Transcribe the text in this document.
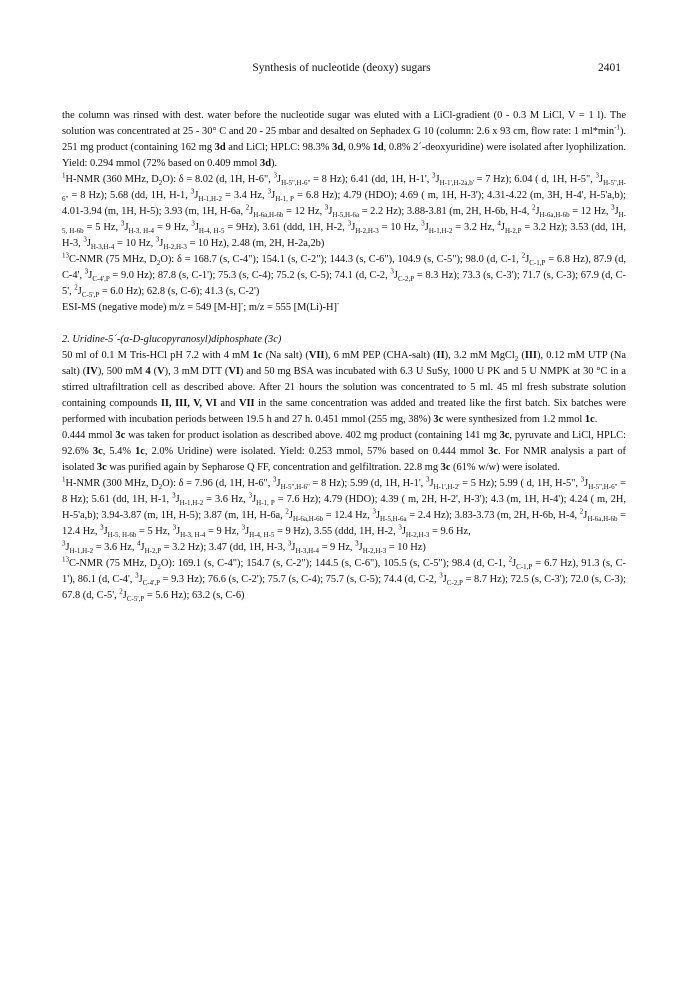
Synthesis of nucleotide (deoxy) sugars	2401

the column was rinsed with dest. water before the nucleotide sugar was eluted with a LiCl-gradient (0 - 0.3 M LiCl, V = 1 l). The solution was concentrated at 25 - 30° C and 20 - 25 mbar and desalted on Sephadex G 10 (column: 2.6 x 93 cm, flow rate: 1 $ml*\min^{-1}$). 251 mg product (containing 162 mg 3d and LiCl; HPLC: 98.3% 3d, 0.9% 1d, 0.8% 2´-deoxyuridine) were isolated after lyophilization. Yield: 0.294 mmol (72% based on 0.409 mmol 3d).

$^1$H-NMR (360 MHz, $D_2O$): δ = 8.02 (d, 1H, H-6", $^3J_{H-5",H-6"} = 8$ Hz); 6.41 (dd, 1H, H-1', $^3J_{H-1',H-2a,b'} = 7$ Hz); 6.04 ( d, 1H, H-5", $^3J_{H-5",H-6"} = 8$ Hz); 5.68 (dd, 1H, H-1, $^3J_{H-1,H-2} = 3.4$ Hz, $^3J_{H-1, P} = 6.8$ Hz); 4.79 (HDO); 4.69 ( m, 1H, H-3'); 4.31-4.22 (m, 3H, H-4', H-5'a,b); 4.01-3.94 (m, 1H, H-5); 3.93 (m, 1H, H-6a, $^2J_{H-6a,H-6b} = 12$ Hz, $^3J_{H-5,H-6a} = 2.2$ Hz); 3.88-3.81 (m, 2H, H-6b, H-4, $^2J_{H-6a,H-6b} = 12$ Hz, $^3J_{H-5, H-6b} = 5$ Hz, $^3J_{H-3, H-4} = 9$ Hz, $^3J_{H-4, H-5} = 9Hz$), 3.61 (ddd, 1H, H-2, $^3J_{H-2,H-3} = 10$ Hz, $^3J_{H-1,H-2} = 3.2$ Hz, $^4J_{H-2,P} = 3.2$ Hz); 3.53 (dd, 1H, H-3, $^3J_{H-3,H-4} = 10$ Hz, $^3J_{H-2,H-3} = 10$ Hz), 2.48 (m, 2H, H-2a,2b)

$^{13}$C-NMR (75 MHz, $D_2O$): δ = 168.7 (s, C-4"); 154.1 (s, C-2"); 144.3 (s, C-6"), 104.9 (s, C-5"); 98.0 (d, C-1, $^2J_{C-1,P} = 6.8$ Hz), 87.9 (d, C-4', $^3J_{C-4',P} = 9.0$ Hz); 87.8 (s, C-1'); 75.3 (s, C-4); 75.2 (s, C-5); 74.1 (d, C-2, $^3J_{C-2,P} = 8.3$ Hz); 73.3 (s, C-3'); 71.7 (s, C-3); 67.9 (d, C-5', $^2J_{C-5',P} = 6.0$ Hz); 62.8 (s, C-6); 41.3 (s, C-2')

ESI-MS (negative mode) m/z = 549 [M-H]-; m/z = 555 [M(Li)-H]-

2. Uridine-5´-(α-D-glucopyranosyl)diphosphate (3c)

50 ml of 0.1 M Tris-HCl pH 7.2 with 4 mM 1c (Na salt) (VII), 6 mM PEP (CHA-salt) (II), 3.2 mM MgCl$_2$ (III), 0.12 mM UTP (Na salt) (IV), 500 mM 4 (V), 3 mM DTT (VI) and 50 mg BSA was incubated with 6.3 U SuSy, 1000 U PK and 5 U NMPK at 30 °C in a stirred ultrafiltration cell as described above. After 21 hours the solution was concentrated to 5 ml. 45 ml fresh substrate solution containing compounds II, III, V, VI and VII in the same concentration was added and treated like the first batch. Six batches were performed with incubation periods between 19.5 h and 27 h. 0.451 mmol (255 mg, 38%) 3c were synthesized from 1.2 mmol 1c.

0.444 mmol 3c was taken for product isolation as described above. 402 mg product (containing 141 mg 3c, pyruvate and LiCl, HPLC: 92.6% 3c, 5.4% 1c, 2.0% Uridine) were isolated. Yield: 0.253 mmol, 57% based on 0.444 mmol 3c. For NMR analysis a part of isolated 3c was purified again by Sepharose Q FF, concentration and gelfiltration. 22.8 mg 3c (61% w/w) were isolated.

$^1$H-NMR (300 MHz, $D_2O$): δ = 7.96 (d, 1H, H-6", $^3J_{H-5",H-6"} = 8$ Hz); 5.99 (d, 1H, H-1', $^3J_{H-1',H-2'} = 5$ Hz); 5.99 ( d, 1H, H-5", $^3J_{H-5",H-6"} = 8$ Hz); 5.61 (dd, 1H, H-1, $^3J_{H-1,H-2} = 3.6$ Hz, $^3J_{H-1, P} = 7.6$ Hz); 4.79 (HDO); 4.39 ( m, 2H, H-2', H-3'); 4.3 (m, 1H, H-4'); 4.24 ( m, 2H, H-5'a,b); 3.94-3.87 (m, 1H, H-5); 3.87 (m, 1H, H-6a, $^2J_{H-6a,H-6b} = 12.4$ Hz, $^3J_{H-5,H-6a} = 2.4$ Hz); 3.83-3.73 (m, 2H, H-6b, H-4, $^2J_{H-6a,H-6b} = 12.4$ Hz, $^3J_{H-5, H-6b} = 5$ Hz, $^3J_{H-3, H-4} = 9$ Hz, $^3J_{H-4, H-5} = 9$ Hz), 3.55 (ddd, 1H, H-2, $^3J_{H-2,H-3} = 9.6$ Hz,

$^3J_{H-1,H-2} = 3.6$ Hz, $^4J_{H-2,P} = 3.2$ Hz); 3.47 (dd, 1H, H-3, $^3J_{H-3,H-4} = 9$ Hz, $^3J_{H-2,H-3} = 10$ Hz)

$^{13}$C-NMR (75 MHz, $D_2O$): 169.1 (s, C-4"); 154.7 (s, C-2"); 144.5 (s, C-6"), 105.5 (s, C-5"); 98.4 (d, C-1, $^2J_{C-1,P} = 6.7$ Hz), 91.3 (s, C-1'), 86.1 (d, C-4', $^3J_{C-4',P} = 9.3$ Hz); 76.6 (s, C-2'); 75.7 (s, C-4); 75.7 (s, C-5); 74.4 (d, C-2, $^3J_{C-2,P} = 8.7$ Hz); 72.5 (s, C-3'); 72.0 (s, C-3); 67.8 (d, C-5', $^2J_{C-5',P} = 5.6$ Hz); 63.2 (s, C-6)
